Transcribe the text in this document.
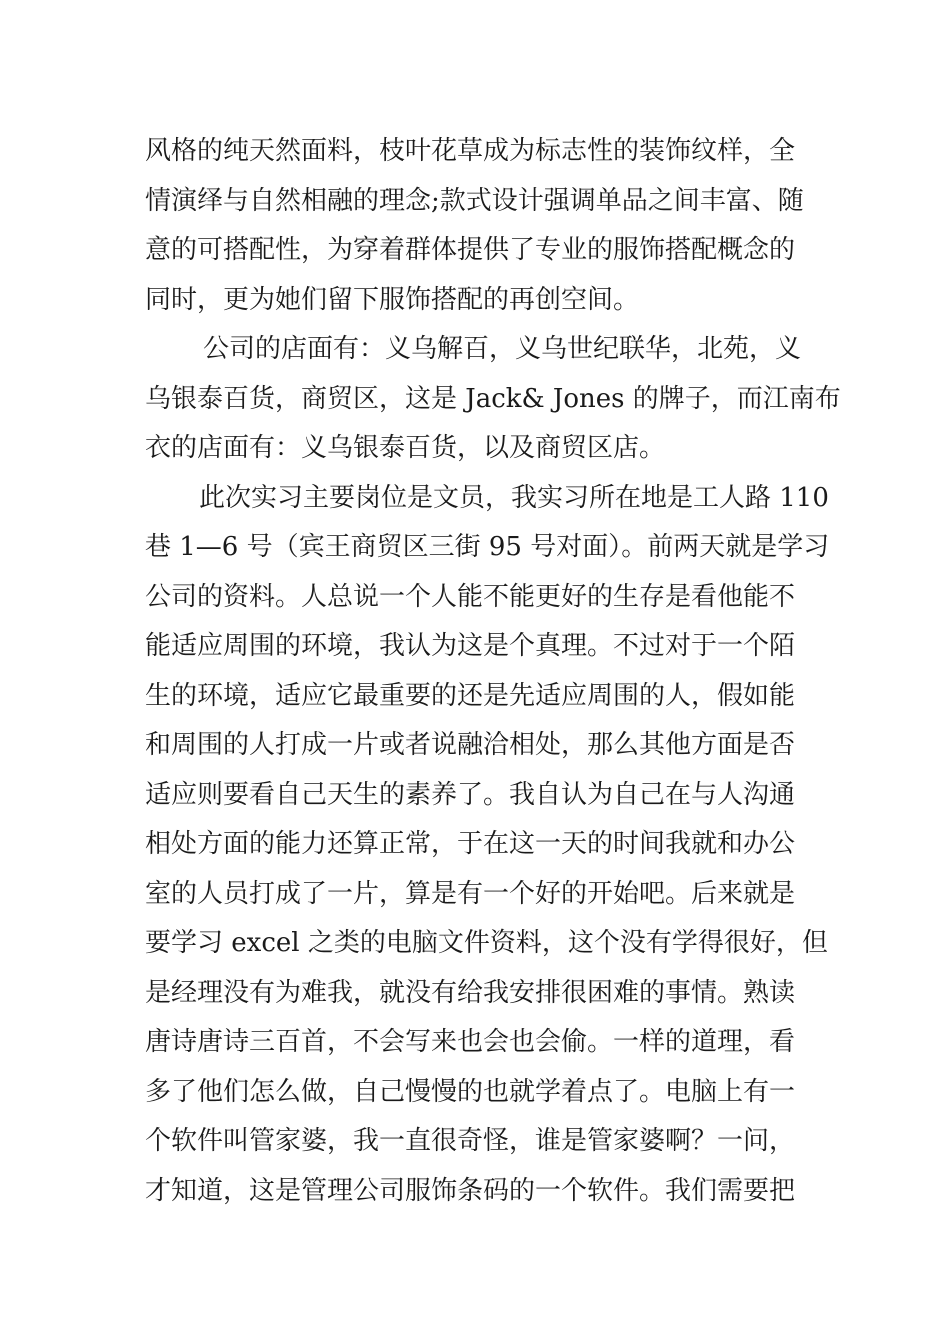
风格的纯天然面料，枝叶花草成为标志性的装饰纹样，全
情演绎与自然相融的理念;款式设计强调单品之间丰富、随
意的可搭配性，为穿着群体提供了专业的服饰搭配概念的
同时，更为她们留下服饰搭配的再创空间。
公司的店面有：义乌解百，义乌世纪联华，北苑，义
乌银泰百货，商贸区，这是 Jack& Jones 的牌子，而江南布
衣的店面有：义乌银泰百货，以及商贸区店。
此次实习主要岗位是文员，我实习所在地是工人路 110
巷 1—6 号（宾王商贸区三街 95 号对面）。前两天就是学习
公司的资料。人总说一个人能不能更好的生存是看他能不
能适应周围的环境，我认为这是个真理。不过对于一个陌
生的环境，适应它最重要的还是先适应周围的人，假如能
和周围的人打成一片或者说融洽相处，那么其他方面是否
适应则要看自己天生的素养了。我自认为自己在与人沟通
相处方面的能力还算正常，于在这一天的时间我就和办公
室的人员打成了一片，算是有一个好的开始吧。后来就是
要学习 excel 之类的电脑文件资料，这个没有学得很好，但
是经理没有为难我，就没有给我安排很困难的事情。熟读
唐诗唐诗三百首，不会写来也会也会偷。一样的道理，看
多了他们怎么做，自己慢慢的也就学着点了。电脑上有一
个软件叫管家婆，我一直很奇怪，谁是管家婆啊？一问，
才知道，这是管理公司服饰条码的一个软件。我们需要把
